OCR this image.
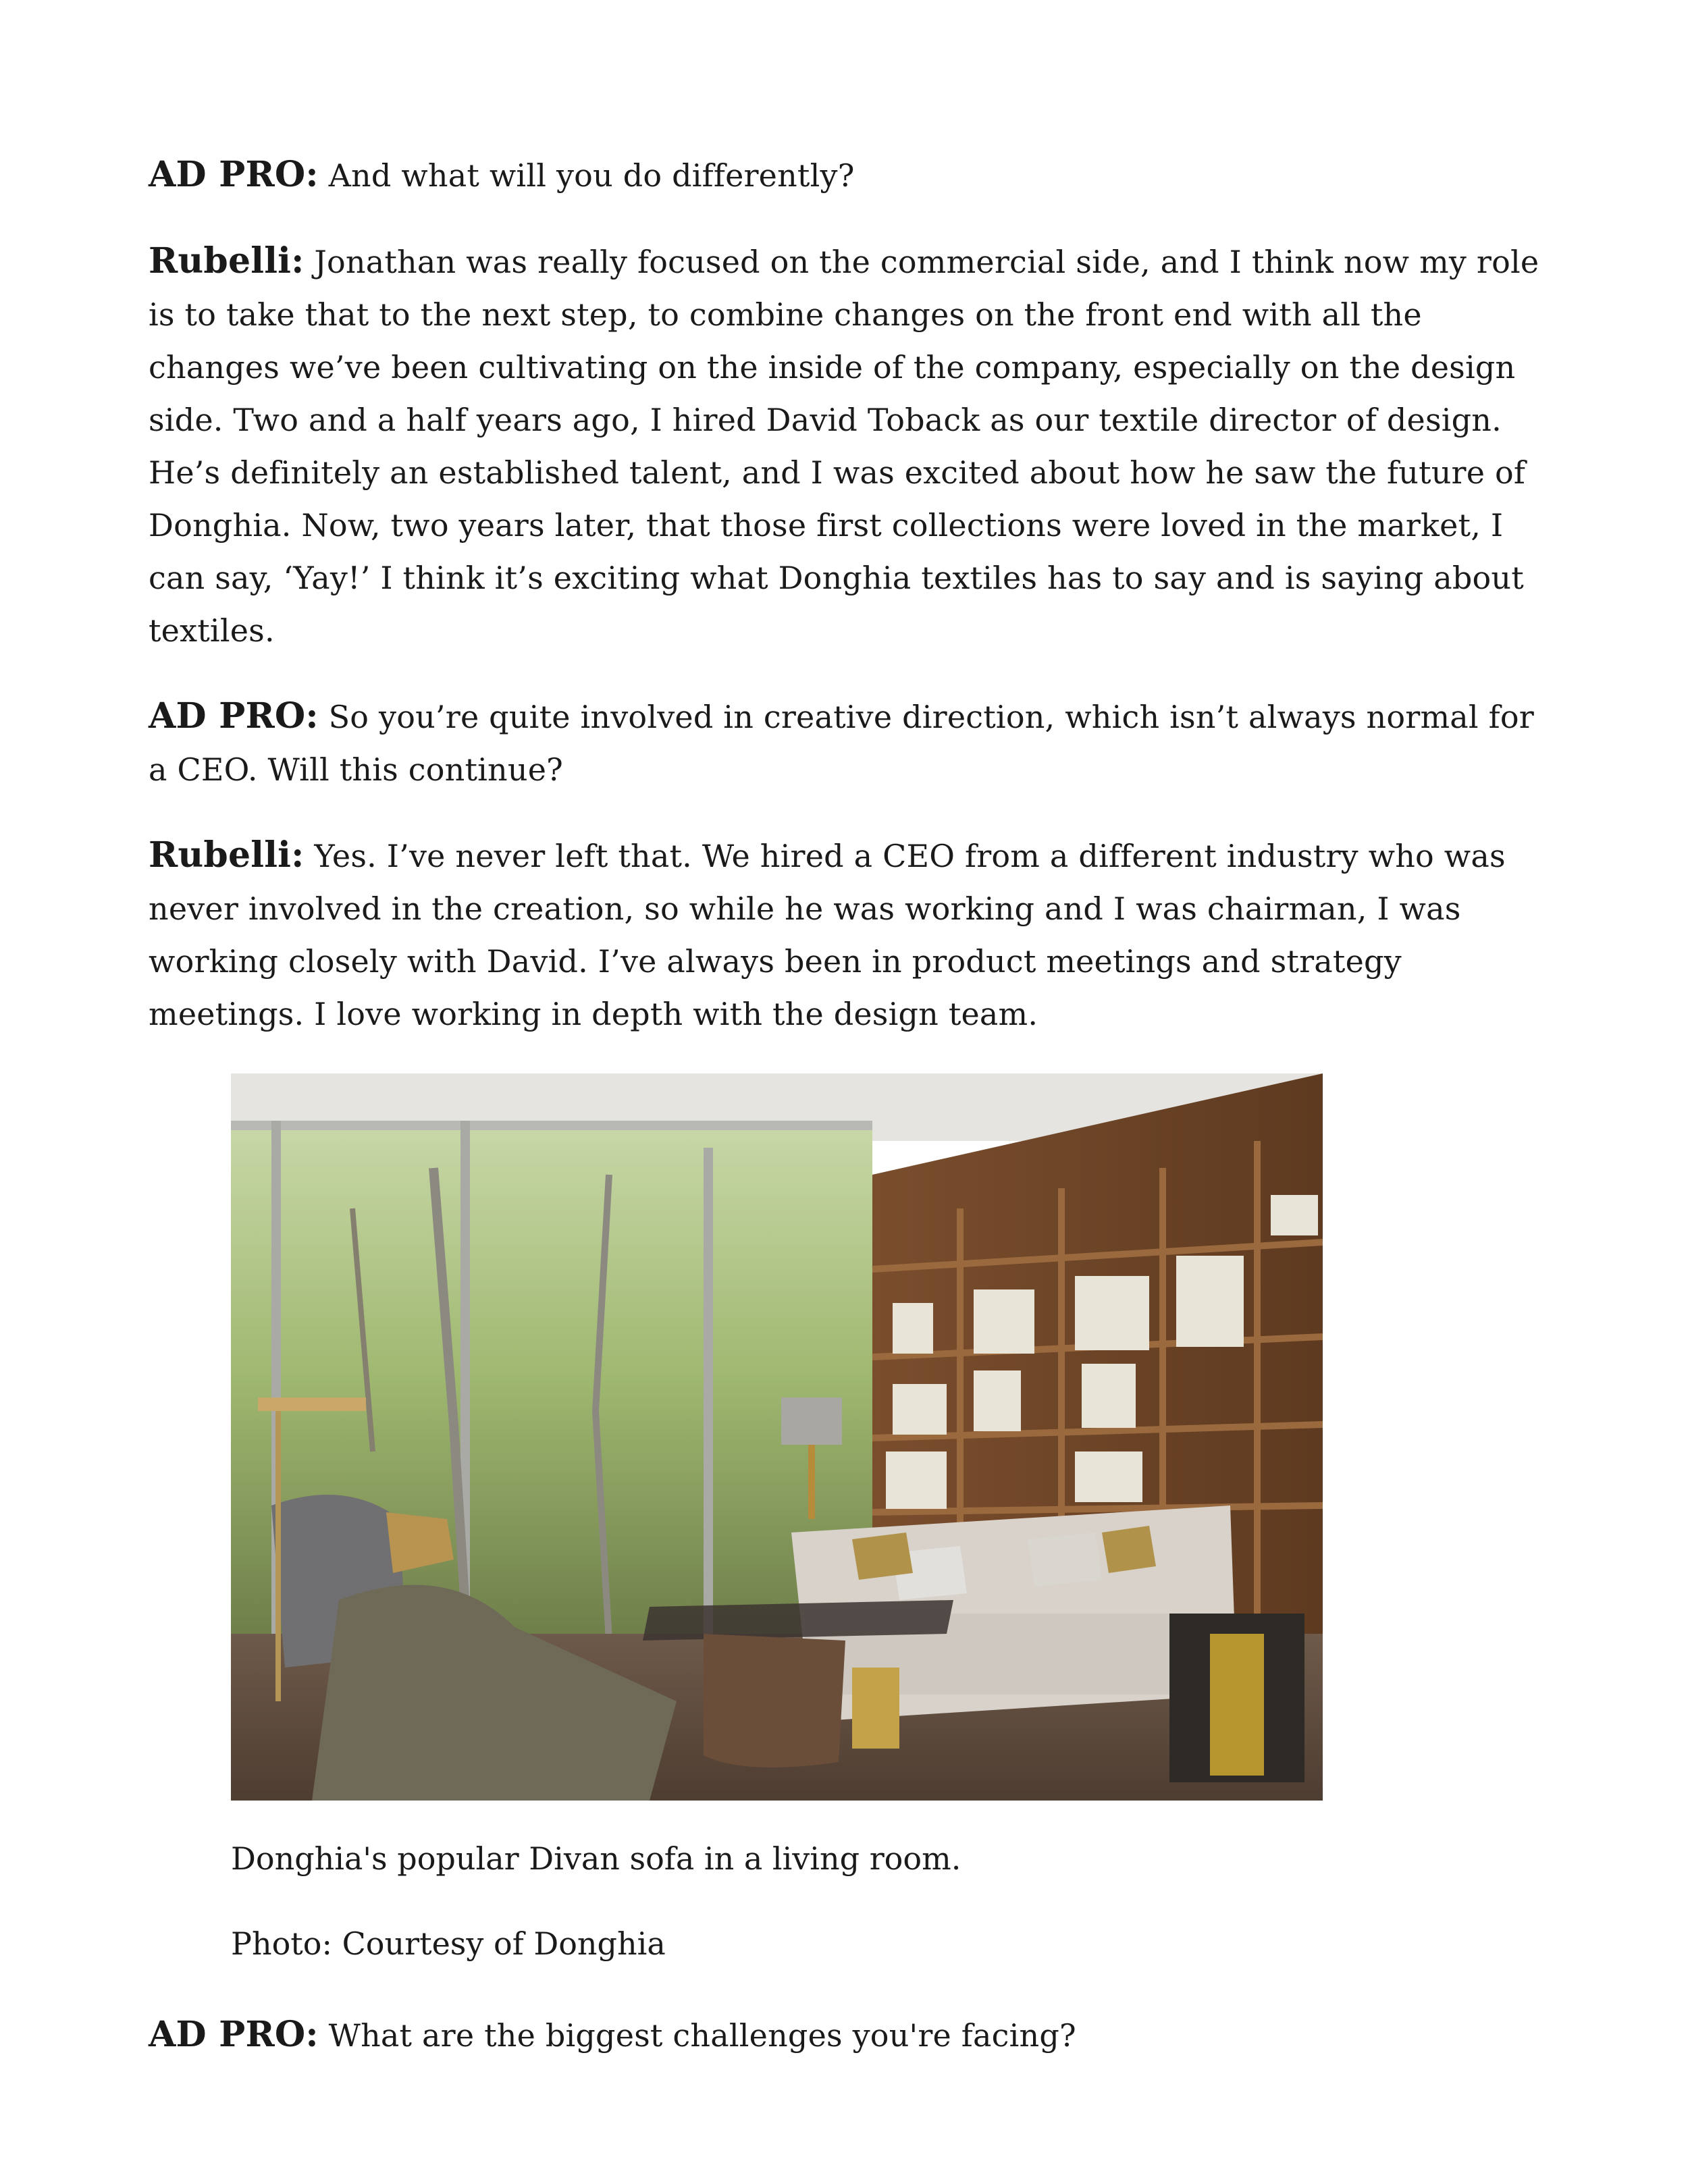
AD PRO: And what will you do differently?

Rubelli: Jonathan was really focused on the commercial side, and I think now my role is to take that to the next step, to combine changes on the front end with all the changes we’ve been cultivating on the inside of the company, especially on the design side. Two and a half years ago, I hired David Toback as our textile director of design. He’s definitely an established talent, and I was excited about how he saw the future of Donghia. Now, two years later, that those first collections were loved in the market, I can say, ‘Yay!’ I think it’s exciting what Donghia textiles has to say and is saying about textiles.

AD PRO: So you’re quite involved in creative direction, which isn’t always normal for a CEO. Will this continue?

Rubelli: Yes. I’ve never left that. We hired a CEO from a different industry who was never involved in the creation, so while he was working and I was chairman, I was working closely with David. I’ve always been in product meetings and strategy meetings. I love working in depth with the design team.

Donghia's popular Divan sofa in a living room.

Photo: Courtesy of Donghia

AD PRO: What are the biggest challenges you're facing?
